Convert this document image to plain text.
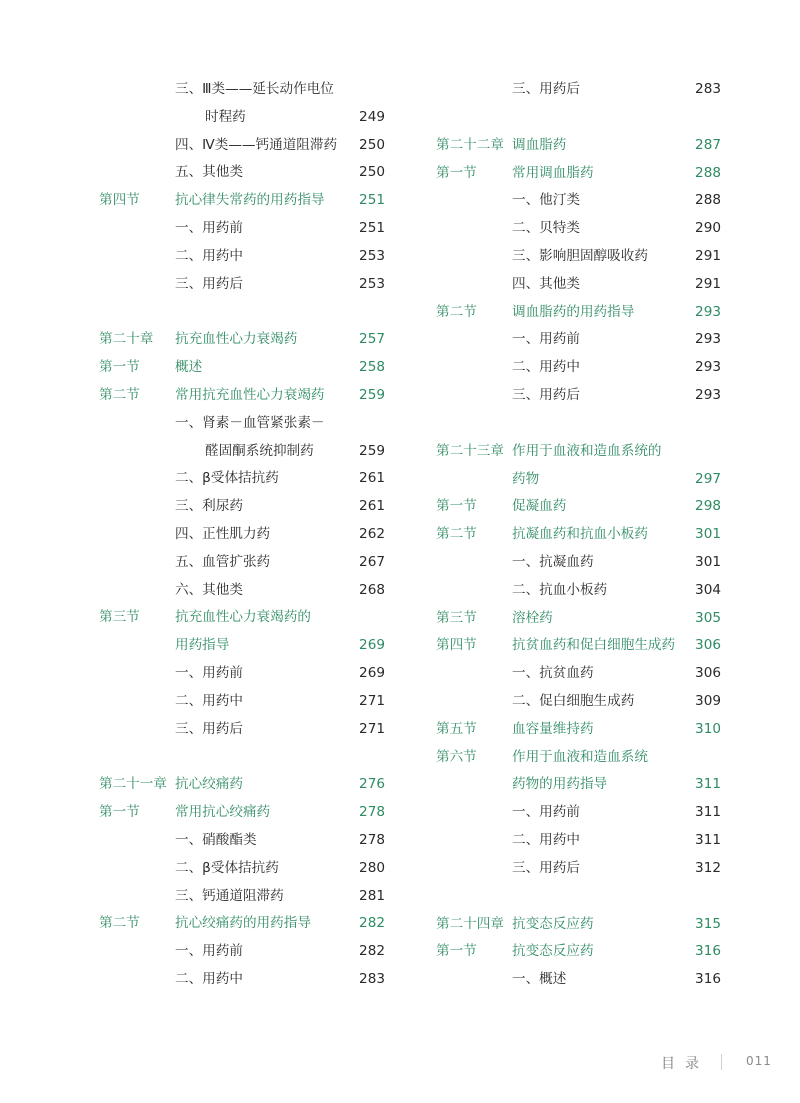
三、Ⅲ类——延长动作电位
时程药	249
四、Ⅳ类——钙通道阻滞药 250
五、其他类	250
第四节	抗心律失常药的用药指导	251
一、用药前	251
二、用药中	253
三、用药后	253
第二十章 抗充血性心力衰竭药	257
第一节	概述	258
第二节	常用抗充血性心力衰竭药	259
一、肾素－血管紧张素－
醛固酮系统抑制药	259
二、β受体拮抗药	261
三、利尿药	261
四、正性肌力药	262
五、血管扩张药	267
六、其他类	268
第三节	抗充血性心力衰竭药的
用药指导	269
一、用药前	269
二、用药中	271
三、用药后	271
第二十一章 抗心绞痛药	276
第一节	常用抗心绞痛药	278
一、硝酸酯类	278
二、β受体拮抗药	280
三、钙通道阻滞药	281
第二节	抗心绞痛药的用药指导	282
一、用药前	282
二、用药中	283
三、用药后	283
第二十二章 调血脂药	287
第一节	常用调血脂药	288
一、他汀类	288
二、贝特类	290
三、影响胆固醇吸收药	291
四、其他类	291
第二节	调血脂药的用药指导	293
一、用药前	293
二、用药中	293
三、用药后	293
第二十三章 作用于血液和造血系统的
药物	297
第一节	促凝血药	298
第二节	抗凝血药和抗血小板药	301
一、抗凝血药	301
二、抗血小板药	304
第三节	溶栓药	305
第四节	抗贫血药和促白细胞生成药 306
一、抗贫血药	306
二、促白细胞生成药	309
第五节	血容量维持药	310
第六节	作用于血液和造血系统
药物的用药指导	311
一、用药前	311
二、用药中	311
三、用药后	312
第二十四章 抗变态反应药	315
第一节	抗变态反应药	316
一、概述	316
目录	011
